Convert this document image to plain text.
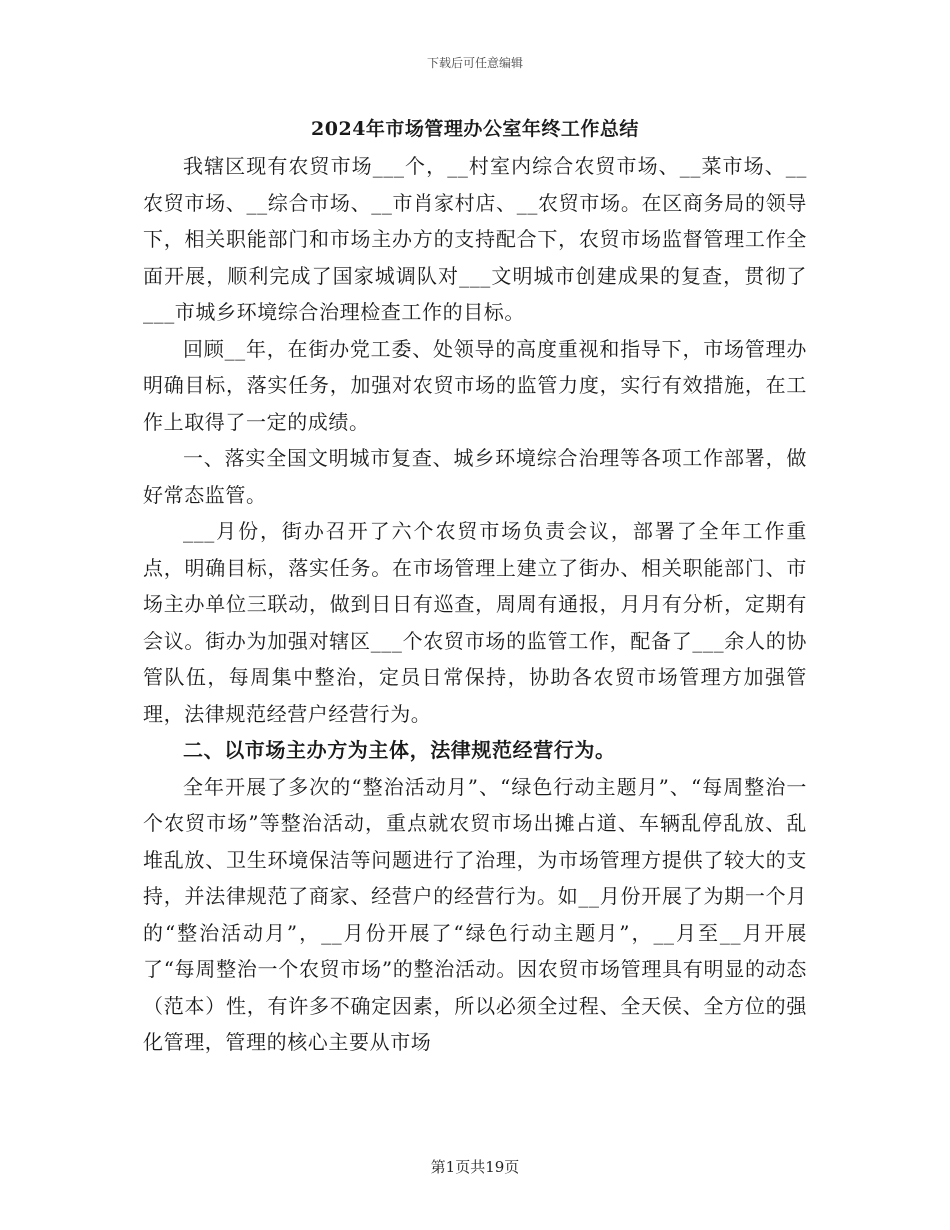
下载后可任意编辑
2024年市场管理办公室年终工作总结

我辖区现有农贸市场___个，__村室内综合农贸市场、__菜市场、__农贸市场、__综合市场、__市肖家村店、__农贸市场。在区商务局的领导下，相关职能部门和市场主办方的支持配合下，农贸市场监督管理工作全面开展，顺利完成了国家城调队对___文明城市创建成果的复查，贯彻了___市城乡环境综合治理检查工作的目标。

回顾__年，在街办党工委、处领导的高度重视和指导下，市场管理办明确目标，落实任务，加强对农贸市场的监管力度，实行有效措施，在工作上取得了一定的成绩。

一、落实全国文明城市复查、城乡环境综合治理等各项工作部署，做好常态监管。

___月份，街办召开了六个农贸市场负责会议，部署了全年工作重点，明确目标，落实任务。在市场管理上建立了街办、相关职能部门、市场主办单位三联动，做到日日有巡查，周周有通报，月月有分析，定期有会议。街办为加强对辖区___个农贸市场的监管工作，配备了___余人的协管队伍，每周集中整治，定员日常保持，协助各农贸市场管理方加强管理，法律规范经营户经营行为。

二、以市场主办方为主体，法律规范经营行为。

全年开展了多次的“整治活动月”、“绿色行动主题月”、“每周整治一个农贸市场”等整治活动，重点就农贸市场出摊占道、车辆乱停乱放、乱堆乱放、卫生环境保洁等问题进行了治理，为市场管理方提供了较大的支持，并法律规范了商家、经营户的经营行为。如__月份开展了为期一个月的“整治活动月”，__月份开展了“绿色行动主题月”，__月至__月开展了“每周整治一个农贸市场”的整治活动。因农贸市场管理具有明显的动态（范本）性，有许多不确定因素，所以必须全过程、全天侯、全方位的强化管理，管理的核心主要从市场

第1页共19页
